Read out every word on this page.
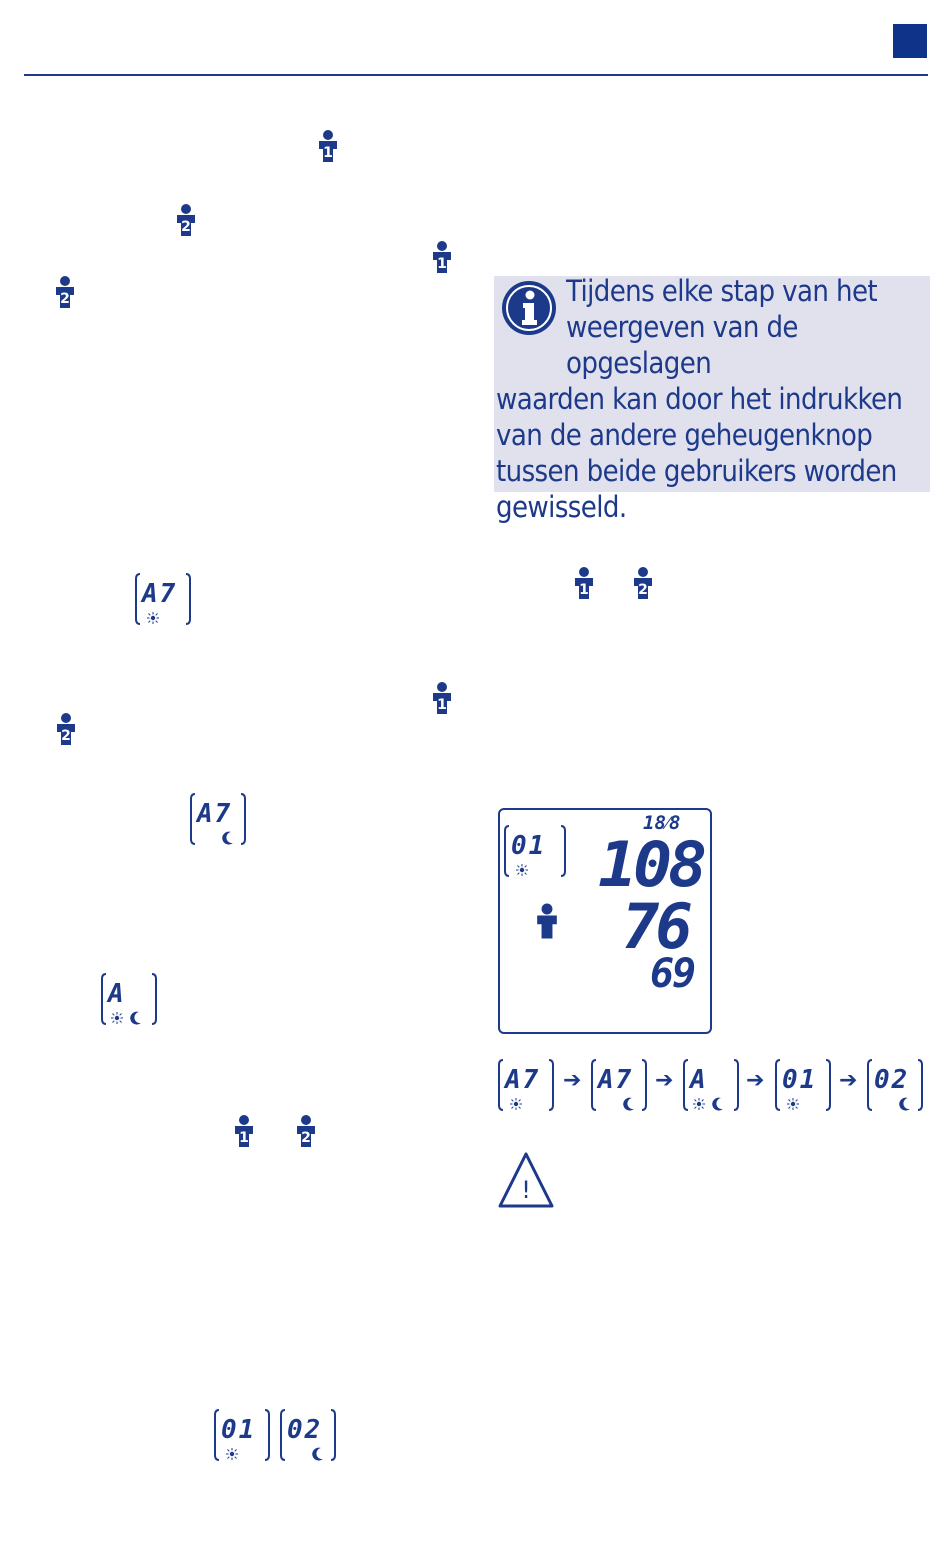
1
2
1
2	Tijdens elke stap van het
weergeven van de opgeslagen
waarden kan door het indrukken
van de andere geheugenknop
tussen beide gebruikers worden
gewisseld.
A7	1	2
1
2
A7
A
1	2
01 02
01
18⁄8
108
76
69
A7 ➔ A7 ➔ A ➔ 01 ➔ 02
!
